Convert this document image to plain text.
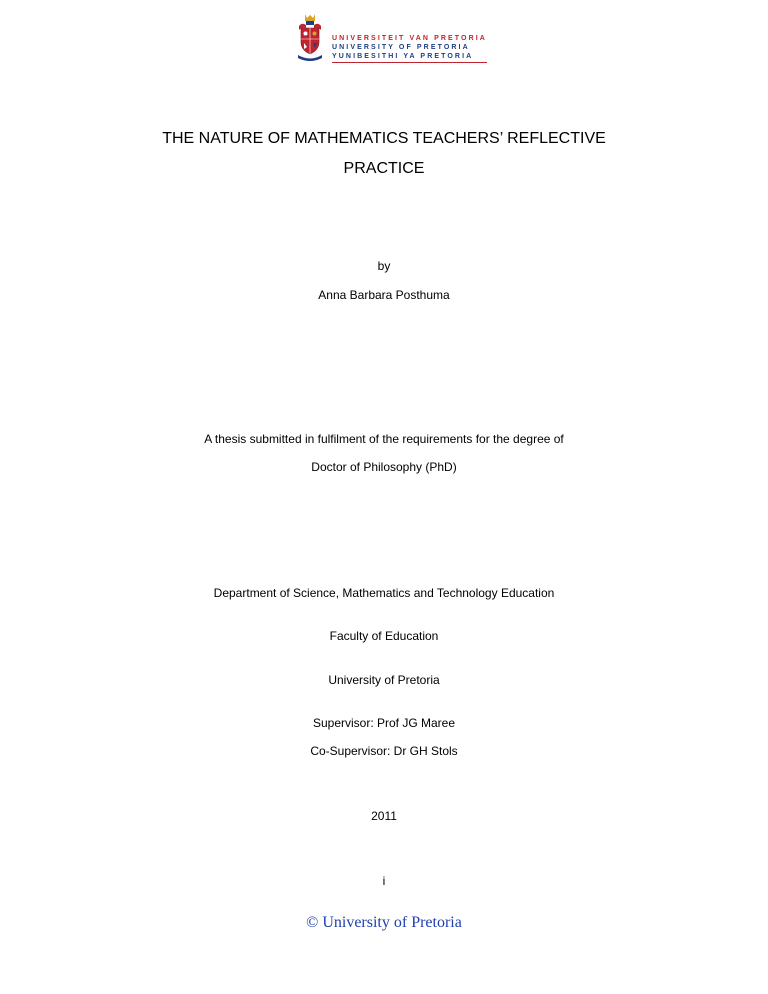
UNIVERSITEIT VAN PRETORIA
UNIVERSITY OF PRETORIA
YUNIBESITHI YA PRETORIA
THE NATURE OF MATHEMATICS TEACHERS’ REFLECTIVE
PRACTICE
by
Anna Barbara Posthuma
A thesis submitted in fulfilment of the requirements for the degree of
Doctor of Philosophy (PhD)
Department of Science, Mathematics and Technology Education
Faculty of Education
University of Pretoria
Supervisor: Prof JG Maree
Co-Supervisor: Dr GH Stols
2011
i
© University of Pretoria
